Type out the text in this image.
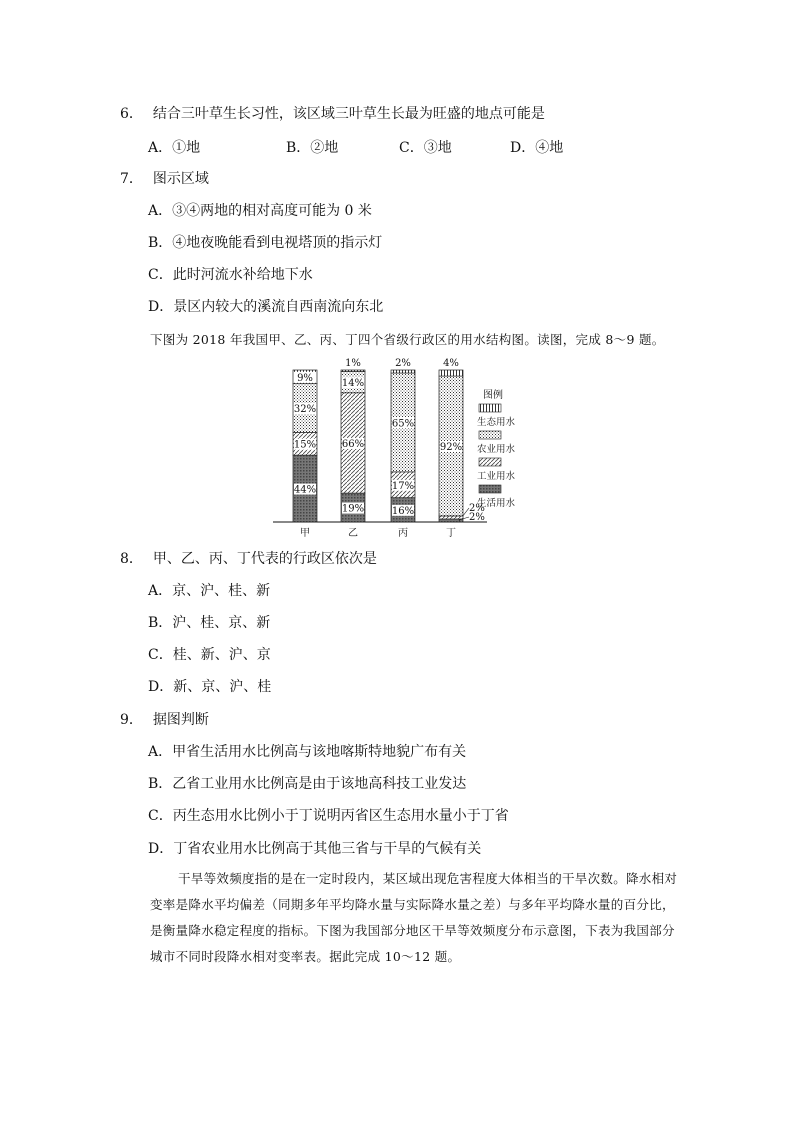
6． 结合三叶草生长习性，该区域三叶草生长最为旺盛的地点可能是
A．①地	B．②地	C．③地	D．④地
7． 图示区域
A．③④两地的相对高度可能为 0 米
B．④地夜晚能看到电视塔顶的指示灯
C．此时河流水补给地下水
D．景区内较大的溪流自西南流向东北
下图为 2018 年我国甲、乙、丙、丁四个省级行政区的用水结构图。读图，完成 8～9 题。
44%
15%
32%
9%
甲
19%
66%
14%
1%
乙
16%
17%
65%
2%
丙
2%
2%
92%
4%
丁
图例
生态用水
农业用水
工业用水
生活用水
8． 甲、乙、丙、丁代表的行政区依次是
A．京、沪、桂、新
B．沪、桂、京、新
C．桂、新、沪、京
D．新、京、沪、桂
9． 据图判断
A．甲省生活用水比例高与该地喀斯特地貌广布有关
B．乙省工业用水比例高是由于该地高科技工业发达
C．丙生态用水比例小于丁说明丙省区生态用水量小于丁省
D．丁省农业用水比例高于其他三省与干旱的气候有关
干旱等效频度指的是在一定时段内，某区域出现危害程度大体相当的干旱次数。降水相对变率是降水平均偏差（同期多年平均降水量与实际降水量之差）与多年平均降水量的百分比，是衡量降水稳定程度的指标。下图为我国部分地区干旱等效频度分布示意图，下表为我国部分城市不同时段降水相对变率表。据此完成 10～12 题。
